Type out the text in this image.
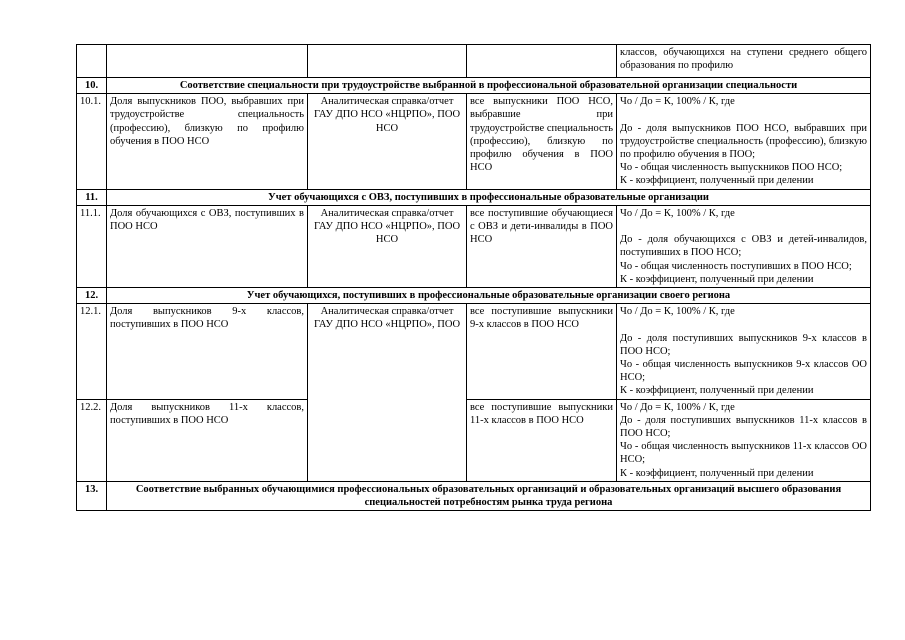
				классов, обучающихся на ступени среднего общего образования по профилю
10.	Соответствие специальности при трудоустройстве выбранной в профессиональной образовательной организации специальности			
10.1.	Доля выпускников ПОО, выбравших при трудоустройстве специальность (профессию), близкую по профилю обучения в ПОО НСО	Аналитическая справка/отчет ГАУ ДПО НСО «НЦРПО», ПОО НСО	все выпускники ПОО НСО, выбравшие при трудоустройстве специальность (профессию), близкую по профилю обучения в ПОО НСО	Чо / До = К, 100% / К, где
До - доля выпускников ПОО НСО, выбравших при трудоустройстве специальность (профессию), близкую по профилю обучения в ПОО;
Чо - общая численность выпускников ПОО НСО;
К - коэффициент, полученный при делении

11.	Учет обучающихся с ОВЗ, поступивших в профессиональные образовательные организации			
11.1.	Доля обучающихся с ОВЗ, поступивших в ПОО НСО	Аналитическая справка/отчет ГАУ ДПО НСО «НЦРПО», ПОО НСО	все поступившие обучающиеся с ОВЗ и дети-инвалиды в ПОО НСО	Чо / До = К, 100% / К, где
До - доля обучающихся с ОВЗ и детей-инвалидов, поступивших в ПОО НСО;
Чо - общая численность поступивших в ПОО НСО;
К - коэффициент, полученный при делении

12.	Учет обучающихся, поступивших в профессиональные образовательные организации своего региона			
12.1.	Доля выпускников 9-х классов, поступивших в ПОО НСО	Аналитическая справка/отчет ГАУ ДПО НСО «НЦРПО», ПОО	все поступившие выпускники 9-х классов в ПОО НСО	Чо / До = К, 100% / К, где
До - доля поступивших выпускников 9-х классов в ПОО НСО;
Чо - общая численность выпускников 9-х классов ОО НСО;
К - коэффициент, полученный при делении

12.2.	Доля выпускников 11-х классов, поступивших в ПОО НСО		все поступившие выпускники 11-х классов в ПОО НСО	Чо / До = К, 100% / К, где
До - доля поступивших выпускников 11-х классов в ПОО НСО;
Чо - общая численность выпускников 11-х классов ОО НСО;
К - коэффициент, полученный при делении

13.	Соответствие выбранных обучающимися профессиональных образовательных организаций и образовательных организаций высшего образования специальностей потребностям рынка труда региона			
